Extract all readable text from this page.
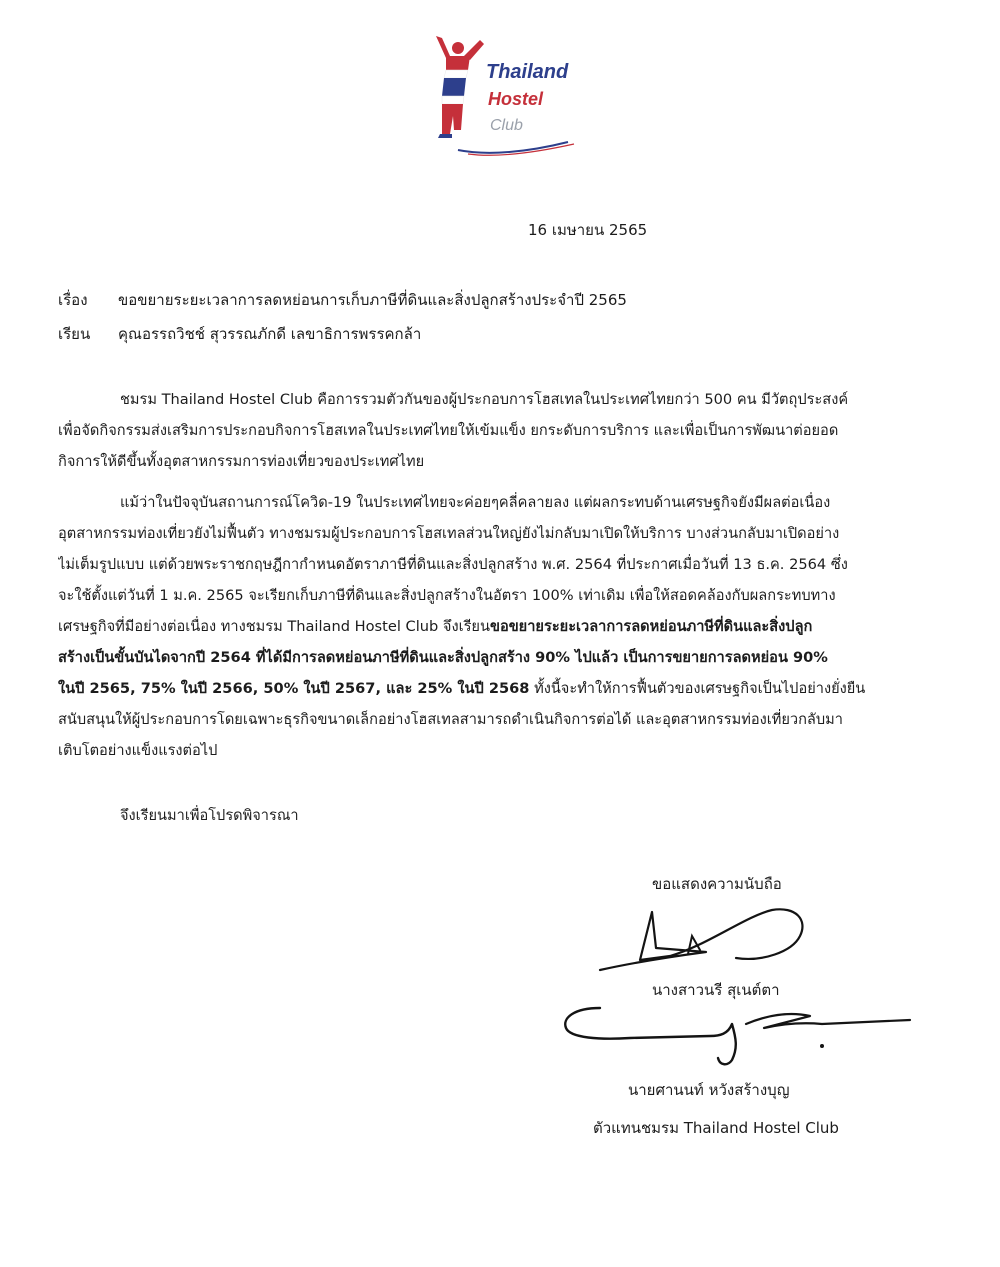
Thailand
Hostel
Club
16 เมษายน 2565
เรื่อง ขอขยายระยะเวลาการลดหย่อนการเก็บภาษีที่ดินและสิ่งปลูกสร้างประจำปี 2565
เรียน คุณอรรถวิชช์ สุวรรณภักดี เลขาธิการพรรคกล้า
ชมรม Thailand Hostel Club คือการรวมตัวกันของผู้ประกอบการโฮสเทลในประเทศไทยกว่า 500 คน มีวัตถุประสงค์
เพื่อจัดกิจกรรมส่งเสริมการประกอบกิจการโฮสเทลในประเทศไทยให้เข้มแข็ง ยกระดับการบริการ และเพื่อเป็นการพัฒนาต่อยอด
กิจการให้ดีขึ้นทั้งอุตสาหกรรมการท่องเที่ยวของประเทศไทย
แม้ว่าในปัจจุบันสถานการณ์โควิด-19 ในประเทศไทยจะค่อยๆคลี่คลายลง แต่ผลกระทบด้านเศรษฐกิจยังมีผลต่อเนื่อง
อุตสาหกรรมท่องเที่ยวยังไม่ฟื้นตัว ทางชมรมผู้ประกอบการโฮสเทลส่วนใหญ่ยังไม่กลับมาเปิดให้บริการ บางส่วนกลับมาเปิดอย่าง
ไม่เต็มรูปแบบ แต่ด้วยพระราชกฤษฎีกากำหนดอัตราภาษีที่ดินและสิ่งปลูกสร้าง พ.ศ. 2564 ที่ประกาศเมื่อวันที่ 13 ธ.ค. 2564 ซึ่ง
จะใช้ตั้งแต่วันที่ 1 ม.ค. 2565 จะเรียกเก็บภาษีที่ดินและสิ่งปลูกสร้างในอัตรา 100% เท่าเดิม เพื่อให้สอดคล้องกับผลกระทบทาง
เศรษฐกิจที่มีอย่างต่อเนื่อง ทางชมรม Thailand Hostel Club จึงเรียนขอขยายระยะเวลาการลดหย่อนภาษีที่ดินและสิ่งปลูก
สร้างเป็นขั้นบันไดจากปี 2564 ที่ได้มีการลดหย่อนภาษีที่ดินและสิ่งปลูกสร้าง 90% ไปแล้ว เป็นการขยายการลดหย่อน 90%
ในปี 2565, 75% ในปี 2566, 50% ในปี 2567, และ 25% ในปี 2568 ทั้งนี้จะทำให้การฟื้นตัวของเศรษฐกิจเป็นไปอย่างยั่งยืน
สนับสนุนให้ผู้ประกอบการโดยเฉพาะธุรกิจขนาดเล็กอย่างโฮสเทลสามารถดำเนินกิจการต่อได้ และอุตสาหกรรมท่องเที่ยวกลับมา
เติบโตอย่างแข็งแรงต่อไป
จึงเรียนมาเพื่อโปรดพิจารณา
ขอแสดงความนับถือ
นางสาวนรี สุเนต์ตา
นายศานนท์ หวังสร้างบุญ
ตัวแทนชมรม Thailand Hostel Club
